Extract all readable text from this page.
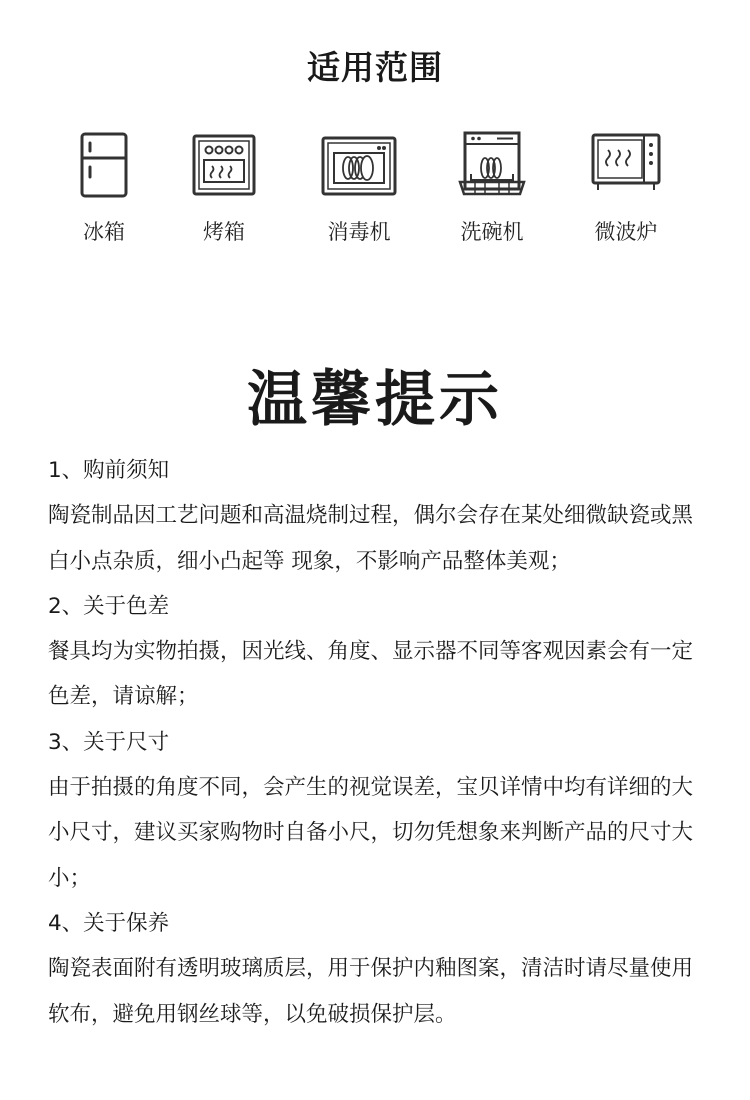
适用范围
冰箱	烤箱	消毒机	洗碗机	微波炉
温馨提示

1、购前须知

陶瓷制品因工艺问题和高温烧制过程，偶尔会存在某处细微缺瓷或黑白小点杂质，细小凸起等 现象，不影响产品整体美观；

2、关于色差

餐具均为实物拍摄，因光线、角度、显示器不同等客观因素会有一定色差，请谅解；

3、关于尺寸

由于拍摄的角度不同，会产生的视觉误差，宝贝详情中均有详细的大小尺寸，建议买家购物时自备小尺，切勿凭想象来判断产品的尺寸大小；

4、关于保养

陶瓷表面附有透明玻璃质层，用于保护内釉图案，清洁时请尽量使用软布，避免用钢丝球等，以免破损保护层。
